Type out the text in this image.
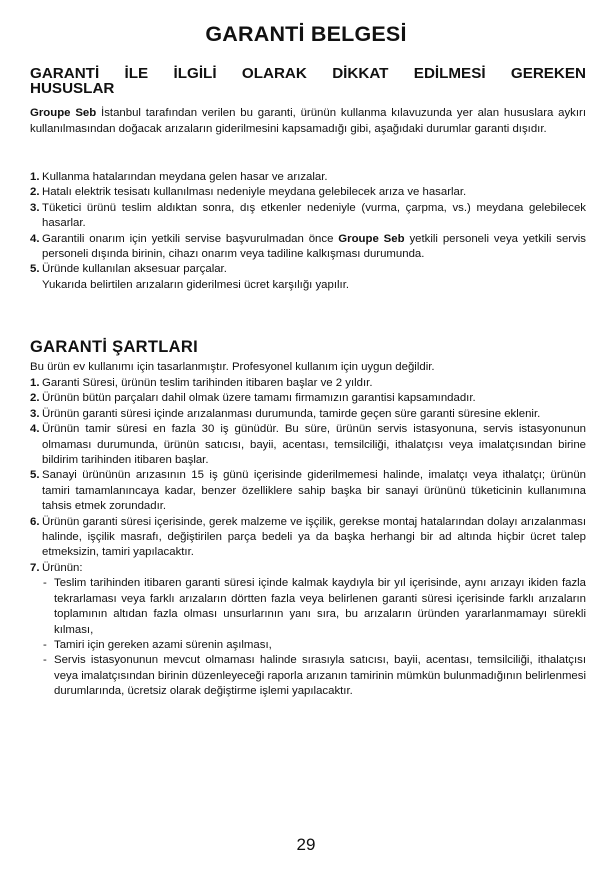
GARANTİ BELGESİ
GARANTİ İLE İLGİLİ OLARAK DİKKAT EDİLMESİ GEREKEN
HUSUSLAR

Groupe Seb İstanbul tarafından verilen bu garanti, ürünün kullanma kılavuzunda yer alan hususlara aykırı kullanılmasından doğacak arızaların giderilmesini kapsamadığı gibi, aşağıdaki durumlar garanti dışıdır.

1. Kullanma hatalarından meydana gelen hasar ve arızalar.
2. Hatalı elektrik tesisatı kullanılması nedeniyle meydana gelebilecek arıza ve hasarlar.
3. Tüketici ürünü teslim aldıktan sonra, dış etkenler nedeniyle (vurma, çarpma, vs.) meydana gelebilecek hasarlar.
4. Garantili onarım için yetkili servise başvurulmadan önce Groupe Seb yetkili personeli veya yetkili servis personeli dışında birinin, cihazı onarım veya tadiline kalkışması durumunda.
5. Üründe kullanılan aksesuar parçalar.
Yukarıda belirtilen arızaların giderilmesi ücret karşılığı yapılır.
GARANTİ ŞARTLARI

Bu ürün ev kullanımı için tasarlanmıştır. Profesyonel kullanım için uygun değildir.

1. Garanti Süresi, ürünün teslim tarihinden itibaren başlar ve 2 yıldır.
2. Ürünün bütün parçaları dahil olmak üzere tamamı firmamızın garantisi kapsamındadır.
3. Ürünün garanti süresi içinde arızalanması durumunda, tamirde geçen süre garanti süresine eklenir.
4. Ürünün tamir süresi en fazla 30 iş günüdür. Bu süre, ürünün servis istasyonuna, servis istasyonunun olmaması durumunda, ürünün satıcısı, bayii, acentası, temsilciliği, ithalatçısı veya imalatçısından birine bildirim tarihinden itibaren başlar.
5. Sanayi ürününün arızasının 15 iş günü içerisinde giderilmemesi halinde, imalatçı veya ithalatçı; ürünün tamiri tamamlanıncaya kadar, benzer özelliklere sahip başka bir sanayi ürününü tüketicinin kullanımına tahsis etmek zorundadır.
6. Ürünün garanti süresi içerisinde, gerek malzeme ve işçilik, gerekse montaj hatalarından dolayı arızalanması halinde, işçilik masrafı, değiştirilen parça bedeli ya da başka herhangi bir ad altında hiçbir ücret talep etmeksizin, tamiri yapılacaktır.
7. Ürünün:
- Teslim tarihinden itibaren garanti süresi içinde kalmak kaydıyla bir yıl içerisinde, aynı arızayı ikiden fazla tekrarlaması veya farklı arızaların dörtten fazla veya belirlenen garanti süresi içerisinde farklı arızaların toplamının altıdan fazla olması unsurlarının yanı sıra, bu arızaların üründen yararlanmamayı sürekli kılması,
- Tamiri için gereken azami sürenin aşılması,
- Servis istasyonunun mevcut olmaması halinde sırasıyla satıcısı, bayii, acentası, temsilciliği, ithalatçısı veya imalatçısından birinin düzenleyeceği raporla arızanın tamirinin mümkün bulunmadığının belirlenmesi durumlarında, ücretsiz olarak değiştirme işlemi yapılacaktır.

29
